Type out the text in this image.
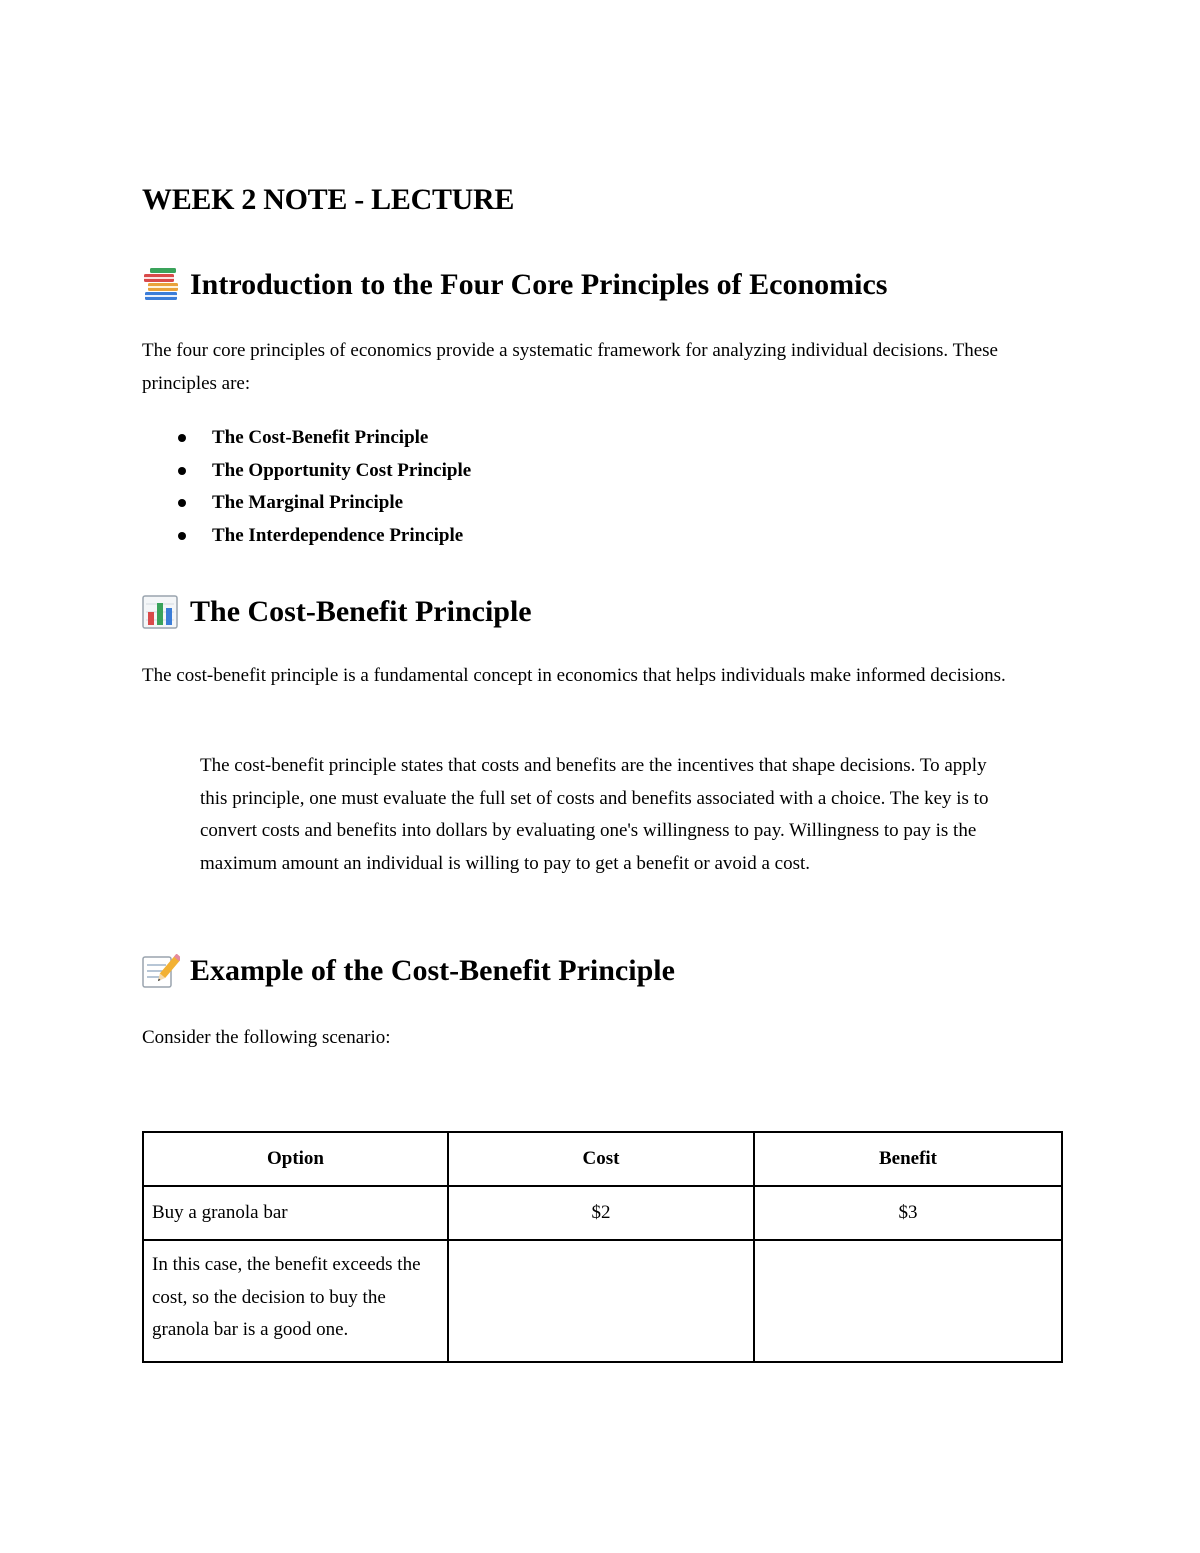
WEEK 2 NOTE - LECTURE
Introduction to the Four Core Principles of Economics

The four core principles of economics provide a systematic framework for analyzing individual decisions. These principles are:

The Cost-Benefit Principle
The Opportunity Cost Principle
The Marginal Principle
The Interdependence Principle
The Cost-Benefit Principle

The cost-benefit principle is a fundamental concept in economics that helps individuals make informed decisions.

The cost-benefit principle states that costs and benefits are the incentives that shape decisions. To apply this principle, one must evaluate the full set of costs and benefits associated with a choice. The key is to convert costs and benefits into dollars by evaluating one's willingness to pay. Willingness to pay is the maximum amount an individual is willing to pay to get a benefit or avoid a cost.

Example of the Cost-Benefit Principle

Consider the following scenario:

Option	Cost	Benefit
Buy a granola bar	$2	$3
In this case, the benefit exceeds the cost, so the decision to buy the granola bar is a good one.		
